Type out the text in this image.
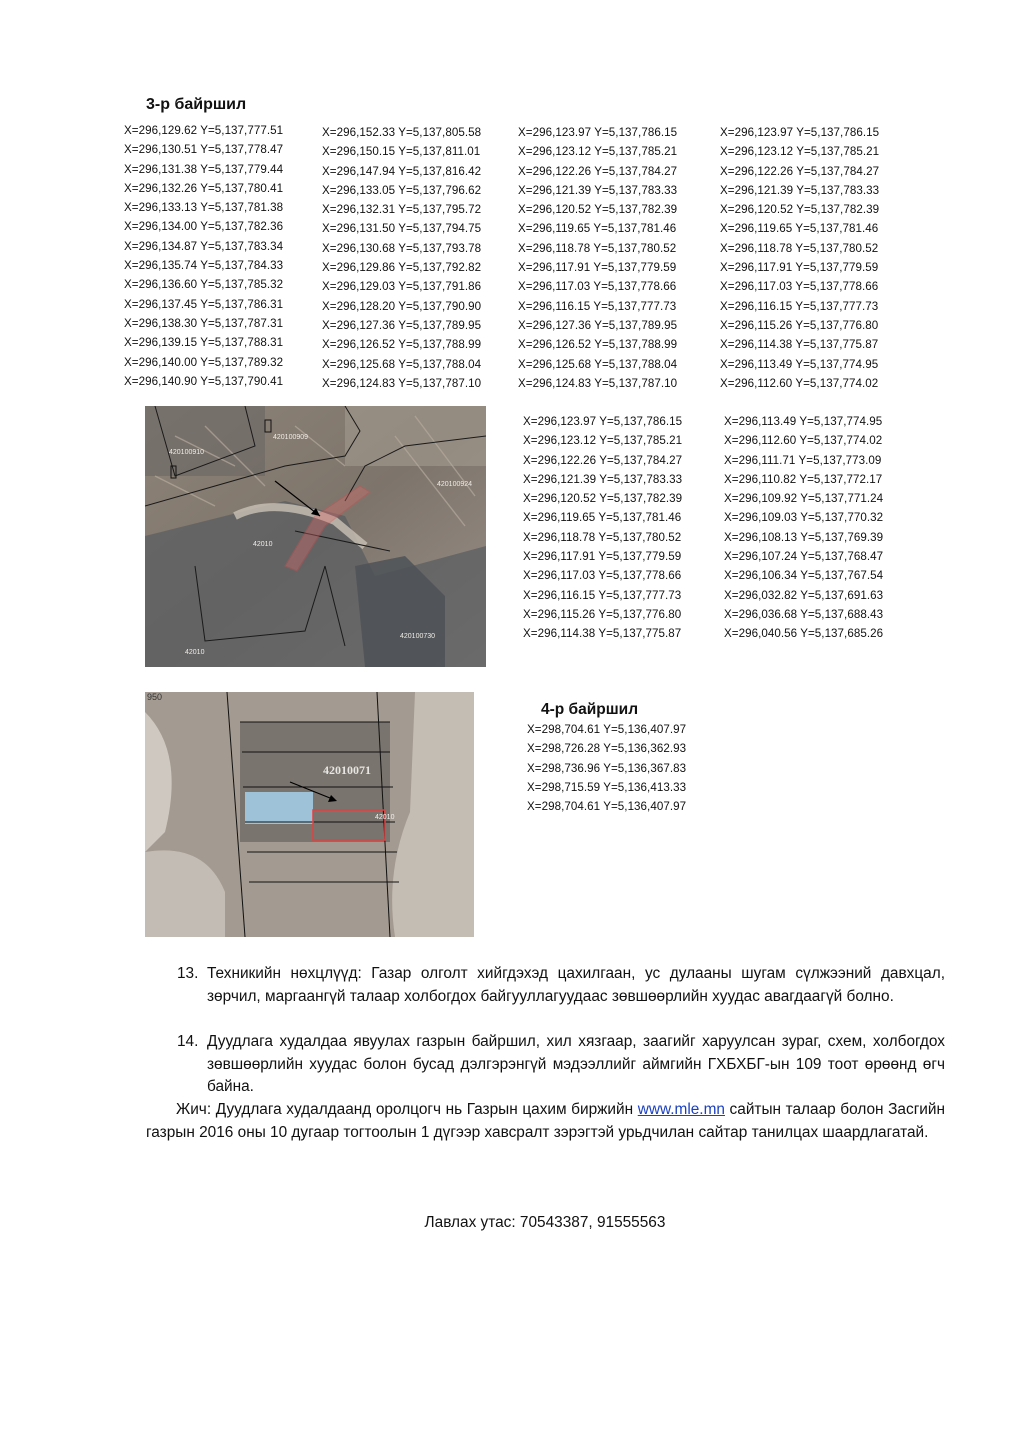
3-р байршил
X=296,129.62 Y=5,137,777.51
X=296,130.51 Y=5,137,778.47
X=296,131.38 Y=5,137,779.44
X=296,132.26 Y=5,137,780.41
X=296,133.13 Y=5,137,781.38
X=296,134.00 Y=5,137,782.36
X=296,134.87 Y=5,137,783.34
X=296,135.74 Y=5,137,784.33
X=296,136.60 Y=5,137,785.32
X=296,137.45 Y=5,137,786.31
X=296,138.30 Y=5,137,787.31
X=296,139.15 Y=5,137,788.31
X=296,140.00 Y=5,137,789.32
X=296,140.90 Y=5,137,790.41
X=296,152.33 Y=5,137,805.58
X=296,150.15 Y=5,137,811.01
X=296,147.94 Y=5,137,816.42
X=296,133.05 Y=5,137,796.62
X=296,132.31 Y=5,137,795.72
X=296,131.50 Y=5,137,794.75
X=296,130.68 Y=5,137,793.78
X=296,129.86 Y=5,137,792.82
X=296,129.03 Y=5,137,791.86
X=296,128.20 Y=5,137,790.90
X=296,127.36 Y=5,137,789.95
X=296,126.52 Y=5,137,788.99
X=296,125.68 Y=5,137,788.04
X=296,124.83 Y=5,137,787.10
X=296,123.97 Y=5,137,786.15
X=296,123.12 Y=5,137,785.21
X=296,122.26 Y=5,137,784.27
X=296,121.39 Y=5,137,783.33
X=296,120.52 Y=5,137,782.39
X=296,119.65 Y=5,137,781.46
X=296,118.78 Y=5,137,780.52
X=296,117.91 Y=5,137,779.59
X=296,117.03 Y=5,137,778.66
X=296,116.15 Y=5,137,777.73
X=296,127.36 Y=5,137,789.95
X=296,126.52 Y=5,137,788.99
X=296,125.68 Y=5,137,788.04
X=296,124.83 Y=5,137,787.10
X=296,123.97 Y=5,137,786.15
X=296,123.12 Y=5,137,785.21
X=296,122.26 Y=5,137,784.27
X=296,121.39 Y=5,137,783.33
X=296,120.52 Y=5,137,782.39
X=296,119.65 Y=5,137,781.46
X=296,118.78 Y=5,137,780.52
X=296,117.91 Y=5,137,779.59
X=296,117.03 Y=5,137,778.66
X=296,116.15 Y=5,137,777.73
X=296,115.26 Y=5,137,776.80
X=296,114.38 Y=5,137,775.87
X=296,113.49 Y=5,137,774.95
X=296,112.60 Y=5,137,774.02
X=296,123.97 Y=5,137,786.15
X=296,123.12 Y=5,137,785.21
X=296,122.26 Y=5,137,784.27
X=296,121.39 Y=5,137,783.33
X=296,120.52 Y=5,137,782.39
X=296,119.65 Y=5,137,781.46
X=296,118.78 Y=5,137,780.52
X=296,117.91 Y=5,137,779.59
X=296,117.03 Y=5,137,778.66
X=296,116.15 Y=5,137,777.73
X=296,115.26 Y=5,137,776.80
X=296,114.38 Y=5,137,775.87
X=296,113.49 Y=5,137,774.95
X=296,112.60 Y=5,137,774.02
X=296,111.71 Y=5,137,773.09
X=296,110.82 Y=5,137,772.17
X=296,109.92 Y=5,137,771.24
X=296,109.03 Y=5,137,770.32
X=296,108.13 Y=5,137,769.39
X=296,107.24 Y=5,137,768.47
X=296,106.34 Y=5,137,767.54
X=296,032.82 Y=5,137,691.63
X=296,036.68 Y=5,137,688.43
X=296,040.56 Y=5,137,685.26
420100910
420100909
420100924
42010
420100730
42010
4-р байршил
X=298,704.61 Y=5,136,407.97
X=298,726.28 Y=5,136,362.93
X=298,736.96 Y=5,136,367.83
X=298,715.59 Y=5,136,413.33
X=298,704.61 Y=5,136,407.97
950
42010071
42010
13. Техникийн нөхцлүүд: Газар олголт хийгдэхэд цахилгаан, ус дулааны шугам сүлжээний давхцал, зөрчил, маргаангүй талаар холбогдох байгууллагуудаас зөвшөөрлийн хуудас авагдаагүй болно.
14. Дуудлага худалдаа явуулах газрын байршил, хил хязгаар, заагийг харуулсан зураг, схем, холбогдох зөвшөөрлийн хуудас болон бусад дэлгэрэнгүй мэдээллийг аймгийн ГХБХБГ-ын 109 тоот өрөөнд өгч байна.
Жич: Дуудлага худалдаанд оролцогч нь Газрын цахим биржийн www.mle.mn сайтын талаар болон Засгийн газрын 2016 оны 10 дугаар тогтоолын 1 дүгээр хавсралт зэрэгтэй урьдчилан сайтар танилцах шаардлагатай.
Лавлах утас: 70543387, 91555563
